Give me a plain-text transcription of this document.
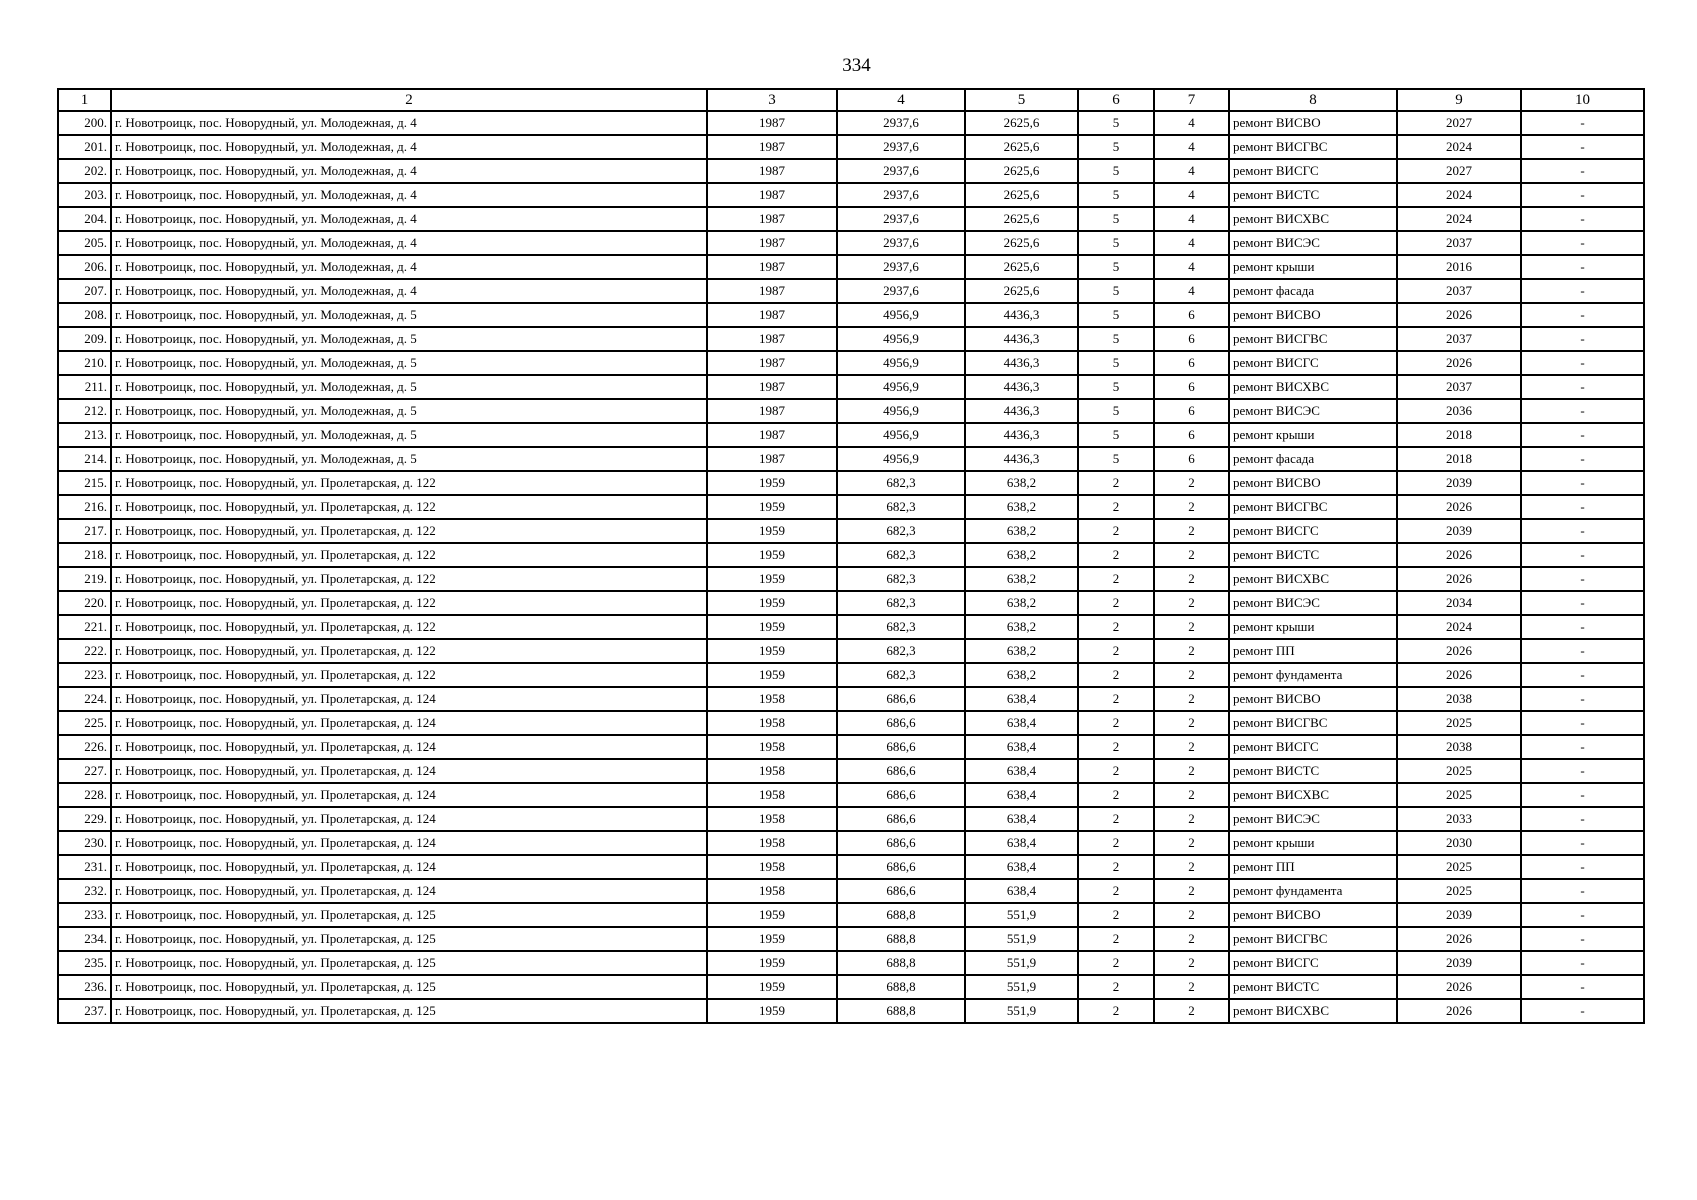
334
1	2	3	4	5	6	7	8	9	10
200.	г. Новотроицк, пос. Новорудный, ул. Молодежная, д. 4	1987	2937,6	2625,6	5	4	ремонт ВИСВО	2027	-
201.	г. Новотроицк, пос. Новорудный, ул. Молодежная, д. 4	1987	2937,6	2625,6	5	4	ремонт ВИСГВС	2024	-
202.	г. Новотроицк, пос. Новорудный, ул. Молодежная, д. 4	1987	2937,6	2625,6	5	4	ремонт ВИСГС	2027	-
203.	г. Новотроицк, пос. Новорудный, ул. Молодежная, д. 4	1987	2937,6	2625,6	5	4	ремонт ВИСТС	2024	-
204.	г. Новотроицк, пос. Новорудный, ул. Молодежная, д. 4	1987	2937,6	2625,6	5	4	ремонт ВИСХВС	2024	-
205.	г. Новотроицк, пос. Новорудный, ул. Молодежная, д. 4	1987	2937,6	2625,6	5	4	ремонт ВИСЭС	2037	-
206.	г. Новотроицк, пос. Новорудный, ул. Молодежная, д. 4	1987	2937,6	2625,6	5	4	ремонт крыши	2016	-
207.	г. Новотроицк, пос. Новорудный, ул. Молодежная, д. 4	1987	2937,6	2625,6	5	4	ремонт фасада	2037	-
208.	г. Новотроицк, пос. Новорудный, ул. Молодежная, д. 5	1987	4956,9	4436,3	5	6	ремонт ВИСВО	2026	-
209.	г. Новотроицк, пос. Новорудный, ул. Молодежная, д. 5	1987	4956,9	4436,3	5	6	ремонт ВИСГВС	2037	-
210.	г. Новотроицк, пос. Новорудный, ул. Молодежная, д. 5	1987	4956,9	4436,3	5	6	ремонт ВИСГС	2026	-
211.	г. Новотроицк, пос. Новорудный, ул. Молодежная, д. 5	1987	4956,9	4436,3	5	6	ремонт ВИСХВС	2037	-
212.	г. Новотроицк, пос. Новорудный, ул. Молодежная, д. 5	1987	4956,9	4436,3	5	6	ремонт ВИСЭС	2036	-
213.	г. Новотроицк, пос. Новорудный, ул. Молодежная, д. 5	1987	4956,9	4436,3	5	6	ремонт крыши	2018	-
214.	г. Новотроицк, пос. Новорудный, ул. Молодежная, д. 5	1987	4956,9	4436,3	5	6	ремонт фасада	2018	-
215.	г. Новотроицк, пос. Новорудный, ул. Пролетарская, д. 122	1959	682,3	638,2	2	2	ремонт ВИСВО	2039	-
216.	г. Новотроицк, пос. Новорудный, ул. Пролетарская, д. 122	1959	682,3	638,2	2	2	ремонт ВИСГВС	2026	-
217.	г. Новотроицк, пос. Новорудный, ул. Пролетарская, д. 122	1959	682,3	638,2	2	2	ремонт ВИСГС	2039	-
218.	г. Новотроицк, пос. Новорудный, ул. Пролетарская, д. 122	1959	682,3	638,2	2	2	ремонт ВИСТС	2026	-
219.	г. Новотроицк, пос. Новорудный, ул. Пролетарская, д. 122	1959	682,3	638,2	2	2	ремонт ВИСХВС	2026	-
220.	г. Новотроицк, пос. Новорудный, ул. Пролетарская, д. 122	1959	682,3	638,2	2	2	ремонт ВИСЭС	2034	-
221.	г. Новотроицк, пос. Новорудный, ул. Пролетарская, д. 122	1959	682,3	638,2	2	2	ремонт крыши	2024	-
222.	г. Новотроицк, пос. Новорудный, ул. Пролетарская, д. 122	1959	682,3	638,2	2	2	ремонт ПП	2026	-
223.	г. Новотроицк, пос. Новорудный, ул. Пролетарская, д. 122	1959	682,3	638,2	2	2	ремонт фундамента	2026	-
224.	г. Новотроицк, пос. Новорудный, ул. Пролетарская, д. 124	1958	686,6	638,4	2	2	ремонт ВИСВО	2038	-
225.	г. Новотроицк, пос. Новорудный, ул. Пролетарская, д. 124	1958	686,6	638,4	2	2	ремонт ВИСГВС	2025	-
226.	г. Новотроицк, пос. Новорудный, ул. Пролетарская, д. 124	1958	686,6	638,4	2	2	ремонт ВИСГС	2038	-
227.	г. Новотроицк, пос. Новорудный, ул. Пролетарская, д. 124	1958	686,6	638,4	2	2	ремонт ВИСТС	2025	-
228.	г. Новотроицк, пос. Новорудный, ул. Пролетарская, д. 124	1958	686,6	638,4	2	2	ремонт ВИСХВС	2025	-
229.	г. Новотроицк, пос. Новорудный, ул. Пролетарская, д. 124	1958	686,6	638,4	2	2	ремонт ВИСЭС	2033	-
230.	г. Новотроицк, пос. Новорудный, ул. Пролетарская, д. 124	1958	686,6	638,4	2	2	ремонт крыши	2030	-
231.	г. Новотроицк, пос. Новорудный, ул. Пролетарская, д. 124	1958	686,6	638,4	2	2	ремонт ПП	2025	-
232.	г. Новотроицк, пос. Новорудный, ул. Пролетарская, д. 124	1958	686,6	638,4	2	2	ремонт фундамента	2025	-
233.	г. Новотроицк, пос. Новорудный, ул. Пролетарская, д. 125	1959	688,8	551,9	2	2	ремонт ВИСВО	2039	-
234.	г. Новотроицк, пос. Новорудный, ул. Пролетарская, д. 125	1959	688,8	551,9	2	2	ремонт ВИСГВС	2026	-
235.	г. Новотроицк, пос. Новорудный, ул. Пролетарская, д. 125	1959	688,8	551,9	2	2	ремонт ВИСГС	2039	-
236.	г. Новотроицк, пос. Новорудный, ул. Пролетарская, д. 125	1959	688,8	551,9	2	2	ремонт ВИСТС	2026	-
237.	г. Новотроицк, пос. Новорудный, ул. Пролетарская, д. 125	1959	688,8	551,9	2	2	ремонт ВИСХВС	2026	-
